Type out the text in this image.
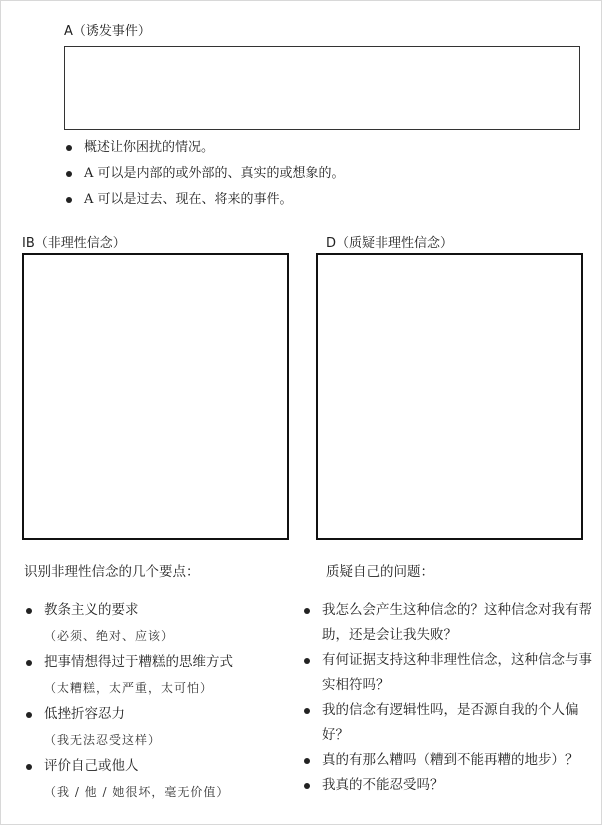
A（诱发事件）
概述让你困扰的情况。
A 可以是内部的或外部的、真实的或想象的。
A 可以是过去、现在、将来的事件。
IB（非理性信念）	D（质疑非理性信念）
识别非理性信念的几个要点：
教条主义的要求
（必须、绝对、应该）
把事情想得过于糟糕的思维方式
（太糟糕，太严重，太可怕）
低挫折容忍力
（我无法忍受这样）
评价自己或他人
（我 / 他 / 她很坏，毫无价值）
质疑自己的问题：
我怎么会产生这种信念的？这种信念对我有帮助，还是会让我失败？
有何证据支持这种非理性信念，这种信念与事实相符吗？
我的信念有逻辑性吗，是否源自我的个人偏好？
真的有那么糟吗（糟到不能再糟的地步）？
我真的不能忍受吗？
